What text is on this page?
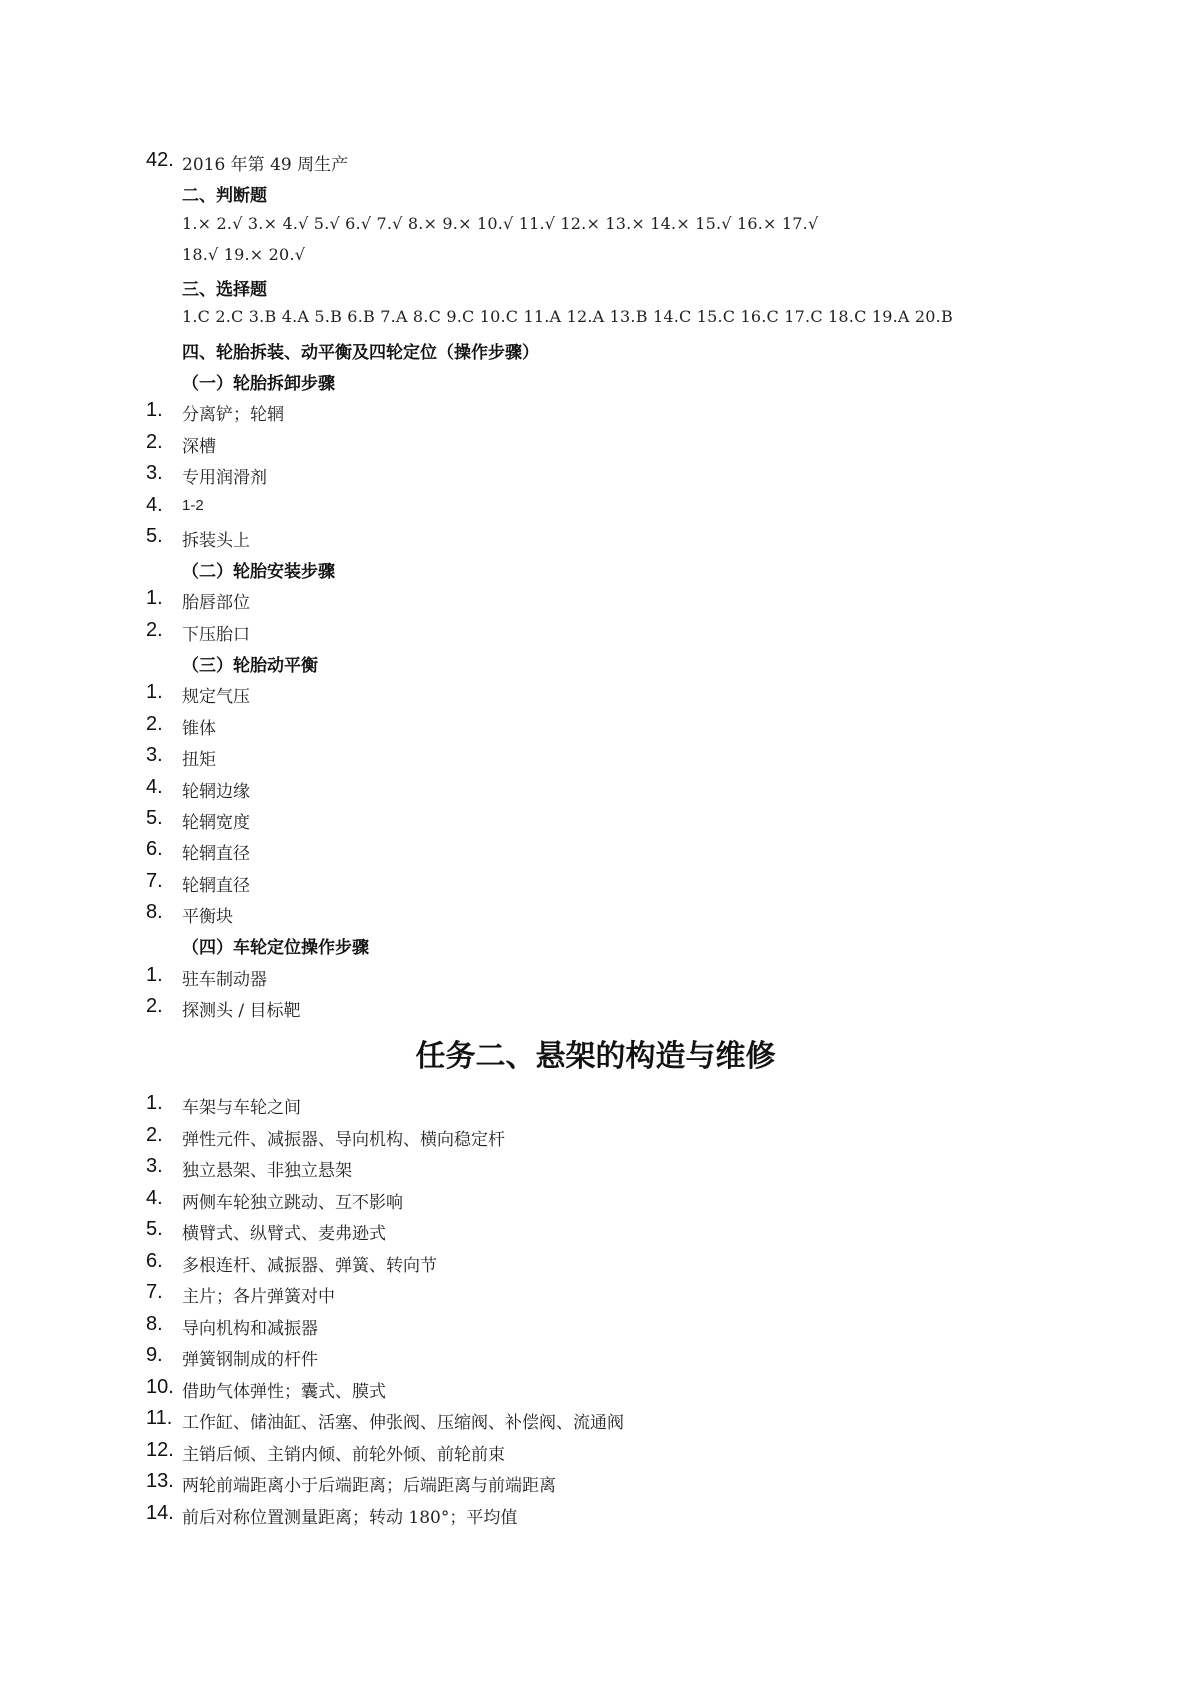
42. 2016 年第 49 周生产
二、判断题
1.× 2.√ 3.× 4.√ 5.√ 6.√ 7.√ 8.× 9.× 10.√ 11.√ 12.× 13.× 14.× 15.√ 16.× 17.√
18.√ 19.× 20.√
三、选择题
1.C 2.C 3.B 4.A 5.B 6.B 7.A 8.C 9.C 10.C 11.A 12.A 13.B 14.C 15.C 16.C 17.C 18.C 19.A 20.B
四、轮胎拆装、动平衡及四轮定位（操作步骤）
（一）轮胎拆卸步骤
1. 分离铲；轮辋
2. 深槽
3. 专用润滑剂
4. 1-2
5. 拆装头上
（二）轮胎安装步骤
1. 胎唇部位
2. 下压胎口
（三）轮胎动平衡
1. 规定气压
2. 锥体
3. 扭矩
4. 轮辋边缘
5. 轮辋宽度
6. 轮辋直径
7. 轮辋直径
8. 平衡块
（四）车轮定位操作步骤
1. 驻车制动器
2. 探测头 / 目标靶
任务二、悬架的构造与维修
1. 车架与车轮之间
2. 弹性元件、减振器、导向机构、横向稳定杆
3. 独立悬架、非独立悬架
4. 两侧车轮独立跳动、互不影响
5. 横臂式、纵臂式、麦弗逊式
6. 多根连杆、减振器、弹簧、转向节
7. 主片；各片弹簧对中
8. 导向机构和减振器
9. 弹簧钢制成的杆件
10. 借助气体弹性；囊式、膜式
11. 工作缸、储油缸、活塞、伸张阀、压缩阀、补偿阀、流通阀
12. 主销后倾、主销内倾、前轮外倾、前轮前束
13. 两轮前端距离小于后端距离；后端距离与前端距离
14. 前后对称位置测量距离；转动 180°；平均值
